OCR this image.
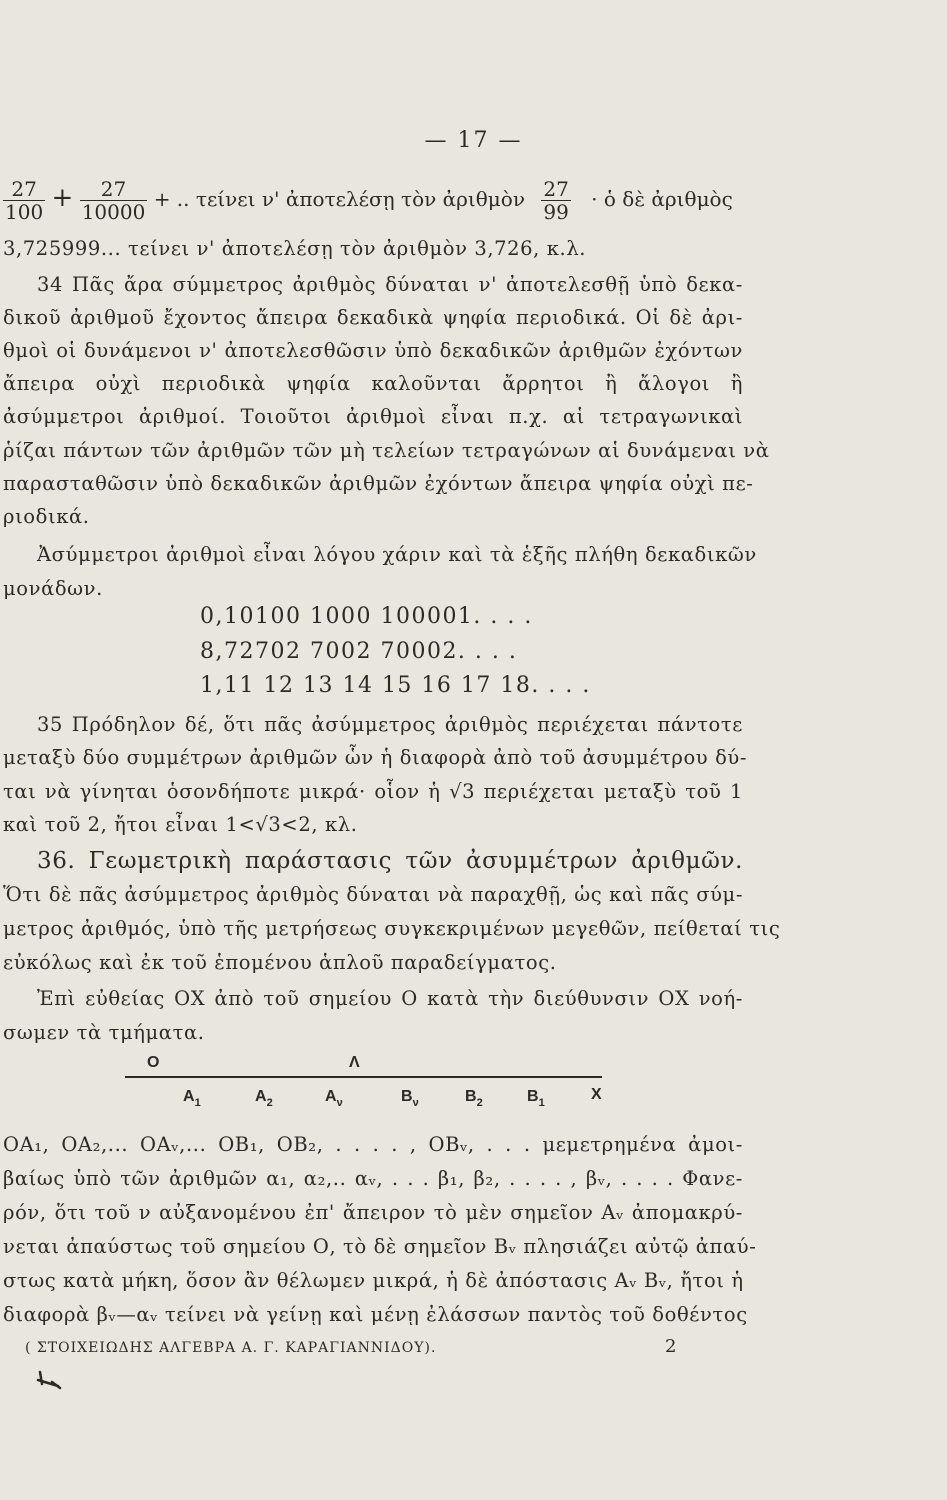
— 17 —
$\frac{27}{100} + \frac{27}{10000}$ + .. τείνει ν' ἀποτελέσῃ τὸν ἀριθμὸν $\frac{27}{99}$ · ὁ δὲ ἀριθμὸς
3,725999... τείνει ν' ἀποτελέσῃ τὸν ἀριθμὸν 3,726, κ.λ.
34 Πᾶς ἄρα σύμμετρος ἀριθμὸς δύναται ν' ἀποτελεσθῇ ὑπὸ δεκα-
δικοῦ ἀριθμοῦ ἔχοντος ἄπειρα δεκαδικὰ ψηφία περιοδικά. Οἱ δὲ ἀρι-
θμοὶ οἱ δυνάμενοι ν' ἀποτελεσθῶσιν ὑπὸ δεκαδικῶν ἀριθμῶν ἐχόντων
ἄπειρα οὐχὶ περιοδικὰ ψηφία καλοῦνται ἄρρητοι ἢ ἄλογοι ἢ
ἀσύμμετροι ἀριθμοί. Τοιοῦτοι ἀριθμοὶ εἶναι π.χ. αἱ τετραγωνικαὶ
ῥίζαι πάντων τῶν ἀριθμῶν τῶν μὴ τελείων τετραγώνων αἱ δυνάμεναι νὰ
παρασταθῶσιν ὑπὸ δεκαδικῶν ἀριθμῶν ἐχόντων ἄπειρα ψηφία οὐχὶ πε-
ριοδικά.
Ἀσύμμετροι ἀριθμοὶ εἶναι λόγου χάριν καὶ τὰ ἑξῆς πλήθη δεκαδικῶν
μονάδων.
0,10100 1000 100001. . . .
8,72702 7002 70002. . . .
1,11 12 13 14 15 16 17 18. . . .
35 Πρόδηλον δέ, ὅτι πᾶς ἀσύμμετρος ἀριθμὸς περιέχεται πάντοτε
μεταξὺ δύο συμμέτρων ἀριθμῶν ὧν ἡ διαφορὰ ἀπὸ τοῦ ἀσυμμέτρου δύ-
ται νὰ γίνηται ὁσονδήποτε μικρά· οἷον ἡ √3 περιέχεται μεταξὺ τοῦ 1
καὶ τοῦ 2, ἤτοι εἶναι 1<√3<2, κλ.
36. Γεωμετρικὴ παράστασις τῶν ἀσυμμέτρων ἀριθμῶν.
Ὅτι δὲ πᾶς ἀσύμμετρος ἀριθμὸς δύναται νὰ παραχθῇ, ὡς καὶ πᾶς σύμ-
μετρος ἀριθμός, ὑπὸ τῆς μετρήσεως συγκεκριμένων μεγεθῶν, πείθεταί τις
εὐκόλως καὶ ἐκ τοῦ ἑπομένου ἁπλοῦ παραδείγματος.
Ἐπὶ εὐθείας ΟΧ ἀπὸ τοῦ σημείου Ο κατὰ τὴν διεύθυνσιν ΟΧ νοή-
σωμεν τὰ τμήματα.
O	Λ
$A_1$	$A_2$	$A_\nu$	$B_\nu$	$B_2$	$B_1$	X
ΟΑ₁, ΟΑ₂,... ΟΑᵥ,... ΟΒ₁, ΟΒ₂, . . . . , ΟΒᵥ, . . . μεμετρημένα ἀμοι-
βαίως ὑπὸ τῶν ἀριθμῶν α₁, α₂,.. αᵥ, . . . β₁, β₂, . . . . , βᵥ, . . . . Φανε-
ρόν, ὅτι τοῦ ν αὐξανομένου ἐπ' ἄπειρον τὸ μὲν σημεῖον Αᵥ ἀπομακρύ-
νεται ἀπαύστως τοῦ σημείου Ο, τὸ δὲ σημεῖον Βᵥ πλησιάζει αὐτῷ ἀπαύ-
στως κατὰ μήκη, ὅσον ἂν θέλωμεν μικρά, ἡ δὲ ἀπόστασις Αᵥ Βᵥ, ἤτοι ἡ
διαφορὰ βᵥ—αᵥ τείνει νὰ γείνῃ καὶ μένῃ ἐλάσσων παντὸς τοῦ δοθέντος
( ΣΤΟΙΧΕΙΩΔΗΣ ΑΛΓΕΒΡΑ Α. Γ. ΚΑΡΑΓΙΑΝΝΙΔΟΥ).	2
